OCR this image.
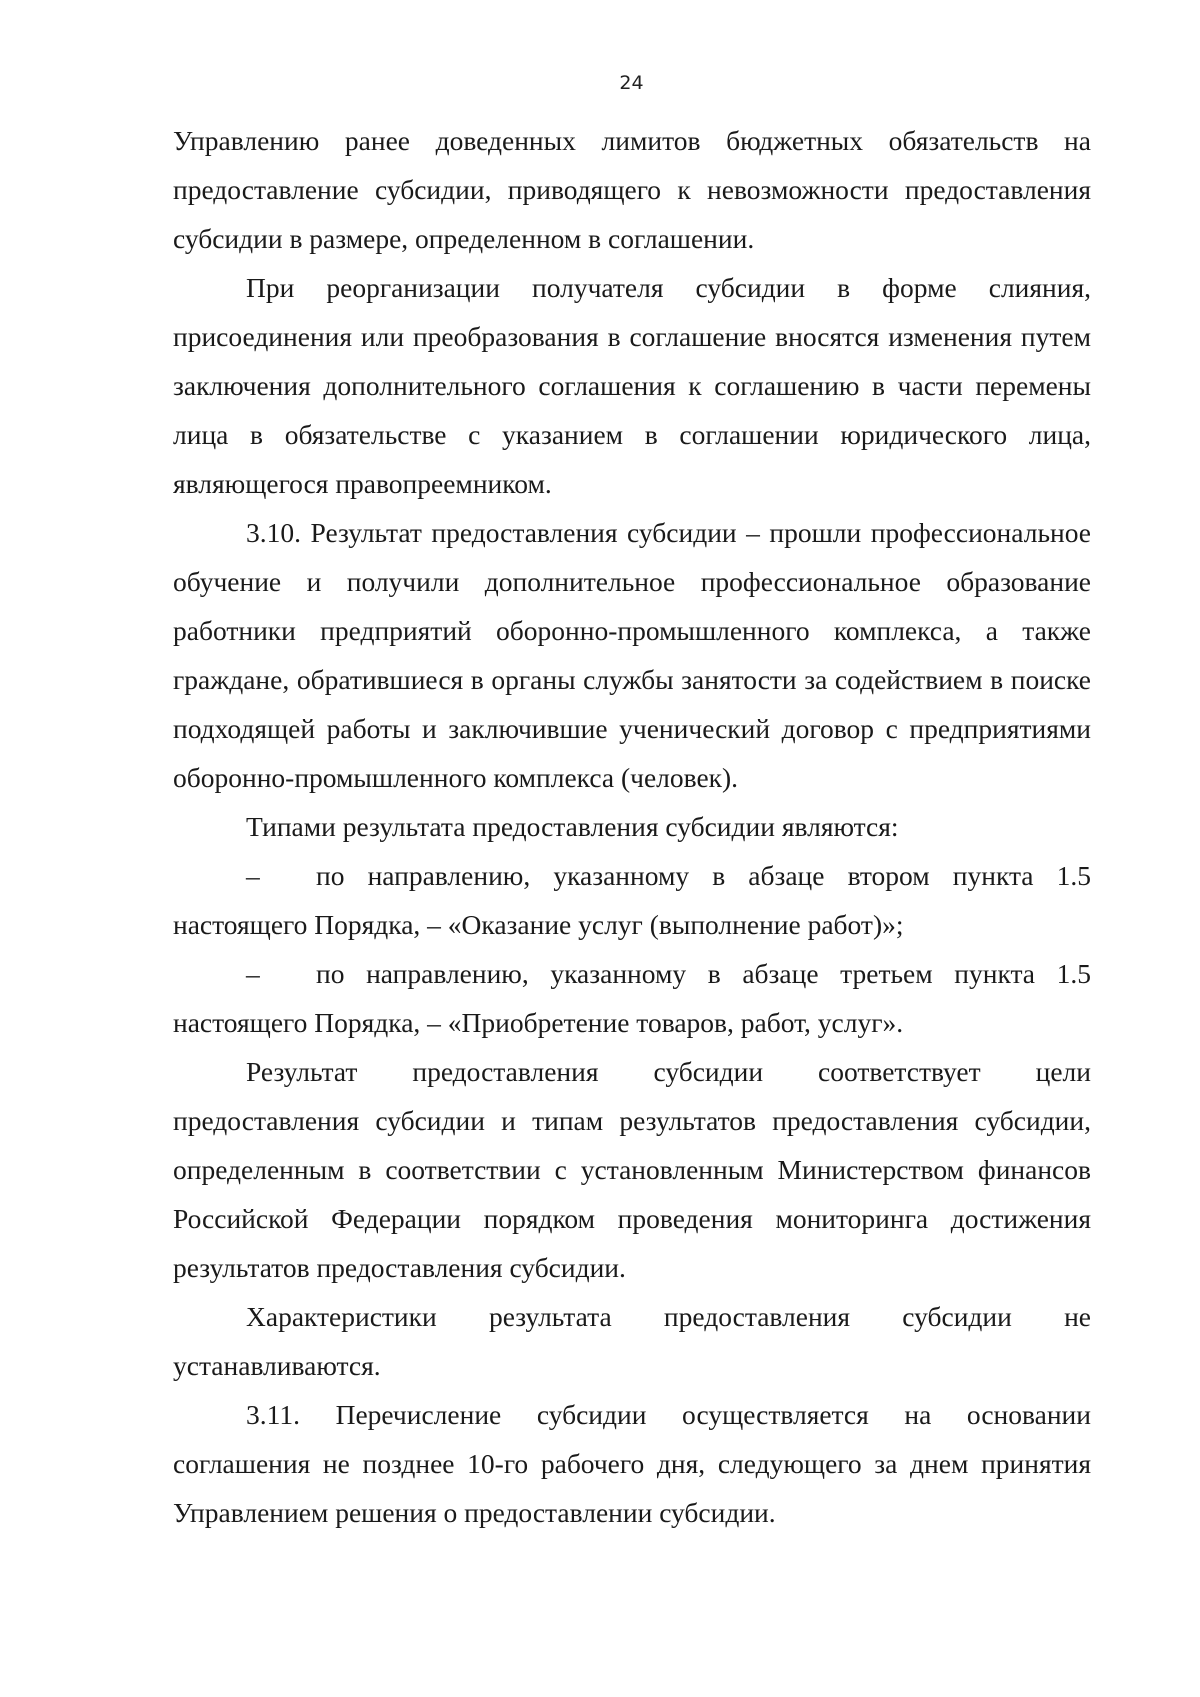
24

Управлению ранее доведенных лимитов бюджетных обязательств на предоставление субсидии, приводящего к невозможности предоставления субсидии в размере, определенном в соглашении.

При реорганизации получателя субсидии в форме слияния, присоединения или преобразования в соглашение вносятся изменения путем заключения дополнительного соглашения к соглашению в части перемены лица в обязательстве с указанием в соглашении юридического лица, являющегося правопреемником.

3.10. Результат предоставления субсидии – прошли профессиональное обучение и получили дополнительное профессиональное образование работники предприятий оборонно-промышленного комплекса, а также граждане, обратившиеся в органы службы занятости за содействием в поиске подходящей работы и заключившие ученический договор с предприятиями оборонно-промышленного комплекса (человек).

Типами результата предоставления субсидии являются:

– по направлению, указанному в абзаце втором пункта 1.5 настоящего Порядка, – «Оказание услуг (выполнение работ)»;

– по направлению, указанному в абзаце третьем пункта 1.5 настоящего Порядка, – «Приобретение товаров, работ, услуг».

Результат предоставления субсидии соответствует цели предоставления субсидии и типам результатов предоставления субсидии, определенным в соответствии с установленным Министерством финансов Российской Федерации порядком проведения мониторинга достижения результатов предоставления субсидии.

Характеристики результата предоставления субсидии не устанавливаются.

3.11. Перечисление субсидии осуществляется на основании соглашения не позднее 10-го рабочего дня, следующего за днем принятия Управлением решения о предоставлении субсидии.
